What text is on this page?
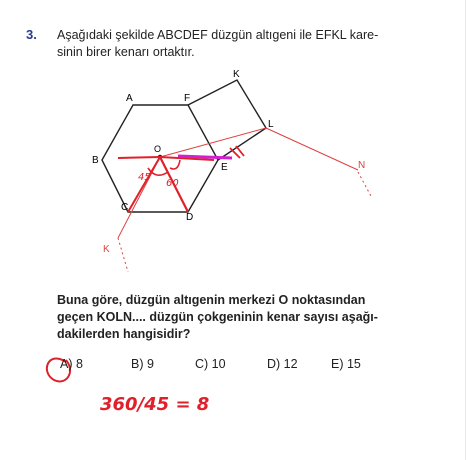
3. Aşağıdaki şekilde ABCDEF düzgün altıgeni ile EFKL kare-
sinin birer kenarı ortaktır.
A	F
B
C
D
E
K
L
N
K
O
45
60
360/45 = 8
Buna göre, düzgün altıgenin merkezi O noktasından
geçen KOLN.... düzgün çokgeninin kenar sayısı aşağı-
dakilerden hangisidir?
A) 8	B) 9	C) 10	D) 12	E) 15
